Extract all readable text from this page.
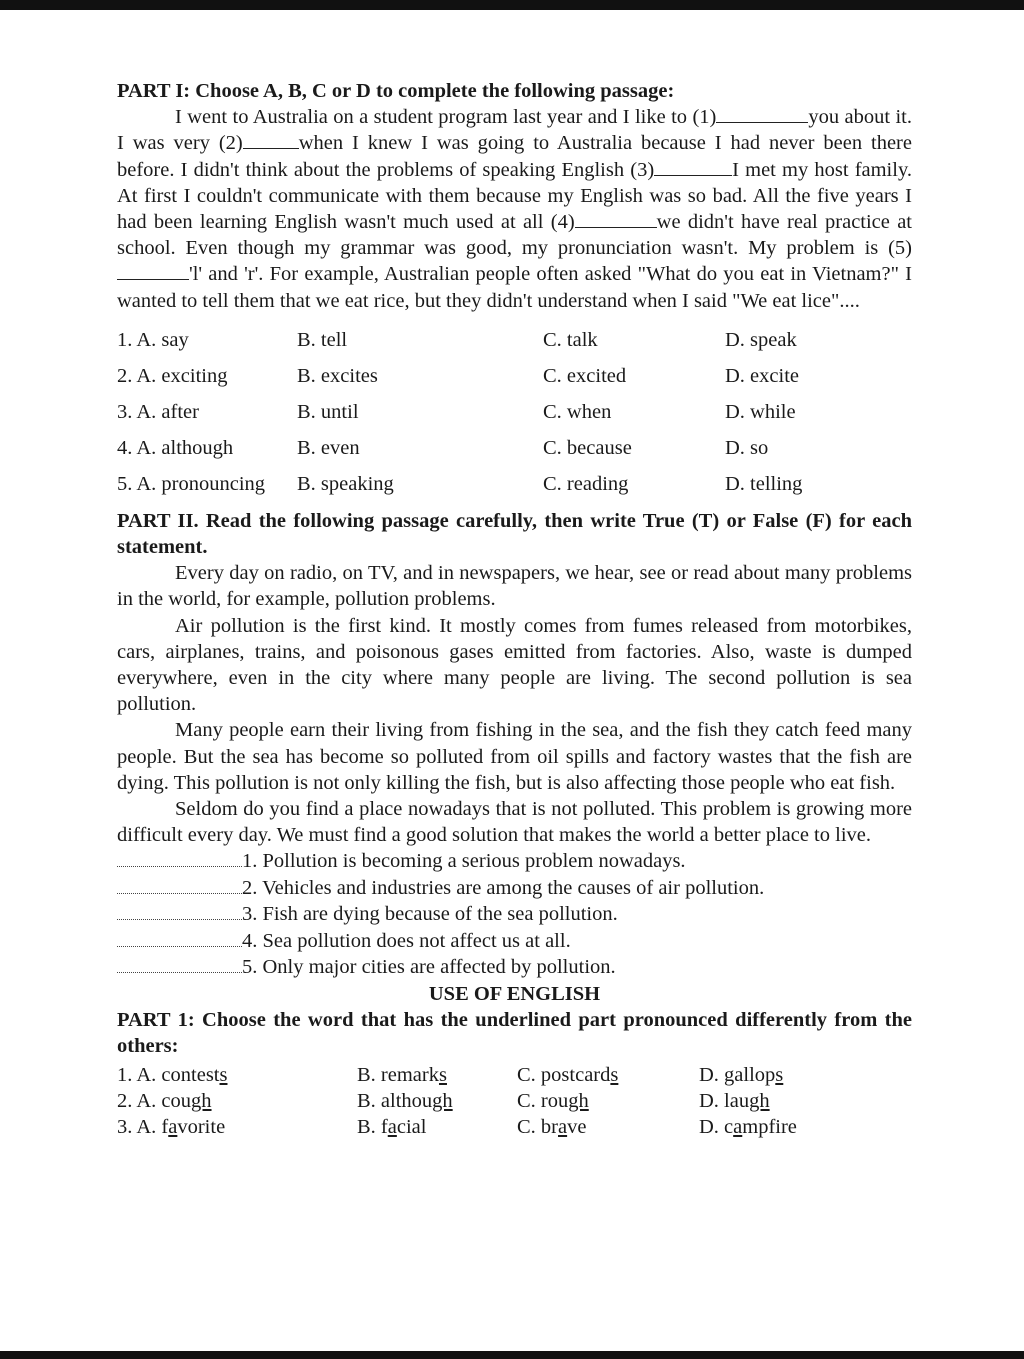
PART I: Choose A, B, C or D to complete the following passage:

I went to Australia on a student program last year and I like to (1)	you about it. I was very (2)	when I knew I was going to Australia because I had never been there before. I didn't think about the problems of speaking English (3)	I met my host family. At first I couldn't communicate with them because my English was so bad. All the five years I had been learning English wasn't much used at all (4)	we didn't have real practice at school. Even though my grammar was good, my pronunciation wasn't. My problem is (5)'l' and 'r'. For example, Australian people often asked "What do you eat in Vietnam?" I wanted to tell them that we eat rice, but they didn't understand when I said "We eat lice"....

1. A. say	B. tell	C. talk	D. speak
2. A. exciting	B. excites	C. excited	D. excite
3. A. after	B. until	C. when	D. while
4. A. although	B. even	C. because	D. so
5. A. pronouncing	B. speaking	C. reading	D. telling

PART II. Read the following passage carefully, then write True (T) or False (F) for each statement.

Every day on radio, on TV, and in newspapers, we hear, see or read about many problems in the world, for example, pollution problems.

Air pollution is the first kind. It mostly comes from fumes released from motorbikes, cars, airplanes, trains, and poisonous gases emitted from factories. Also, waste is dumped everywhere, even in the city where many people are living. The second pollution is sea pollution.

Many people earn their living from fishing in the sea, and the fish they catch feed many people. But the sea has become so polluted from oil spills and factory wastes that the fish are dying. This pollution is not only killing the fish, but is also affecting those people who eat fish.

Seldom do you find a place nowadays that is not polluted. This problem is growing more difficult every day. We must find a good solution that makes the world a better place to live.

1. Pollution is becoming a serious problem nowadays.
2. Vehicles and industries are among the causes of air pollution.
3. Fish are dying because of the sea pollution.
4. Sea pollution does not affect us at all.
5. Only major cities are affected by pollution.

USE OF ENGLISH

PART 1: Choose the word that has the underlined part pronounced differently from the others:

1. A. contests	B. remarks	C. postcards	D. gallops
2. A. cough	B. although	C. rough	D. laugh
3. A. favorite	B. facial	C. brave	D. campfire
